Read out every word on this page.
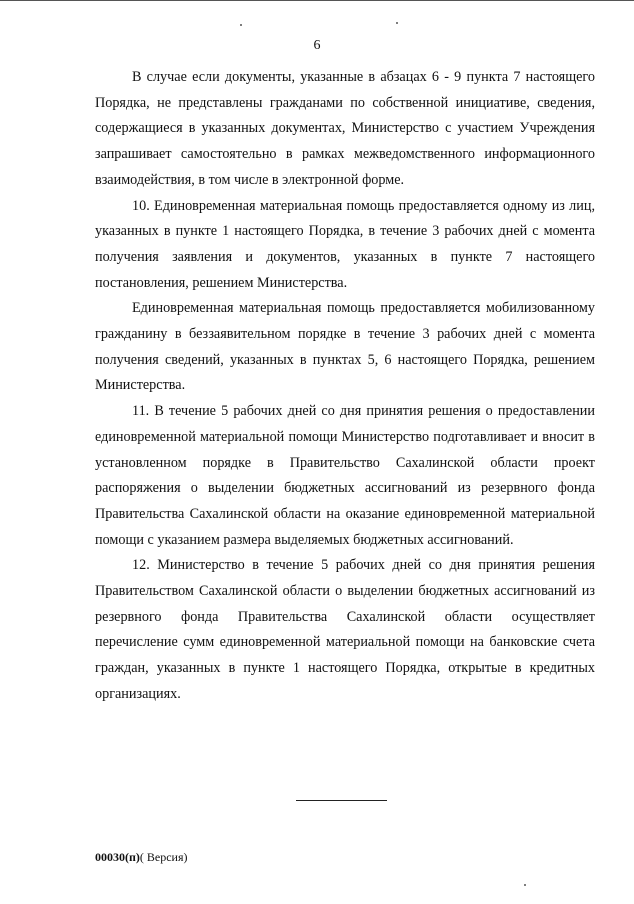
6

В случае если документы, указанные в абзацах 6 - 9 пункта 7 настоящего Порядка, не представлены гражданами по собственной инициативе, сведения, содержащиеся в указанных документах, Министерство с участием Учреждения запрашивает самостоятельно в рамках межведомственного информационного взаимодействия, в том числе в электронной форме.

10. Единовременная материальная помощь предоставляется одному из лиц, указанных в пункте 1 настоящего Порядка, в течение 3 рабочих дней с момента получения заявления и документов, указанных в пункте 7 настоящего постановления, решением Министерства.

Единовременная материальная помощь предоставляется мобилизованному гражданину в беззаявительном порядке в течение 3 рабочих дней с момента получения сведений, указанных в пунктах 5, 6 настоящего Порядка, решением Министерства.

11. В течение 5 рабочих дней со дня принятия решения о предоставлении единовременной материальной помощи Министерство подготавливает и вносит в установленном порядке в Правительство Сахалинской области проект распоряжения о выделении бюджетных ассигнований из резервного фонда Правительства Сахалинской области на оказание единовременной материальной помощи с указанием размера выделяемых бюджетных ассигнований.

12. Министерство в течение 5 рабочих дней со дня принятия решения Правительством Сахалинской области о выделении бюджетных ассигнований из резервного фонда Правительства Сахалинской области осуществляет перечисление сумм единовременной материальной помощи на банковские счета граждан, указанных в пункте 1 настоящего Порядка, открытые в кредитных организациях.

00030(п)( Версия)
